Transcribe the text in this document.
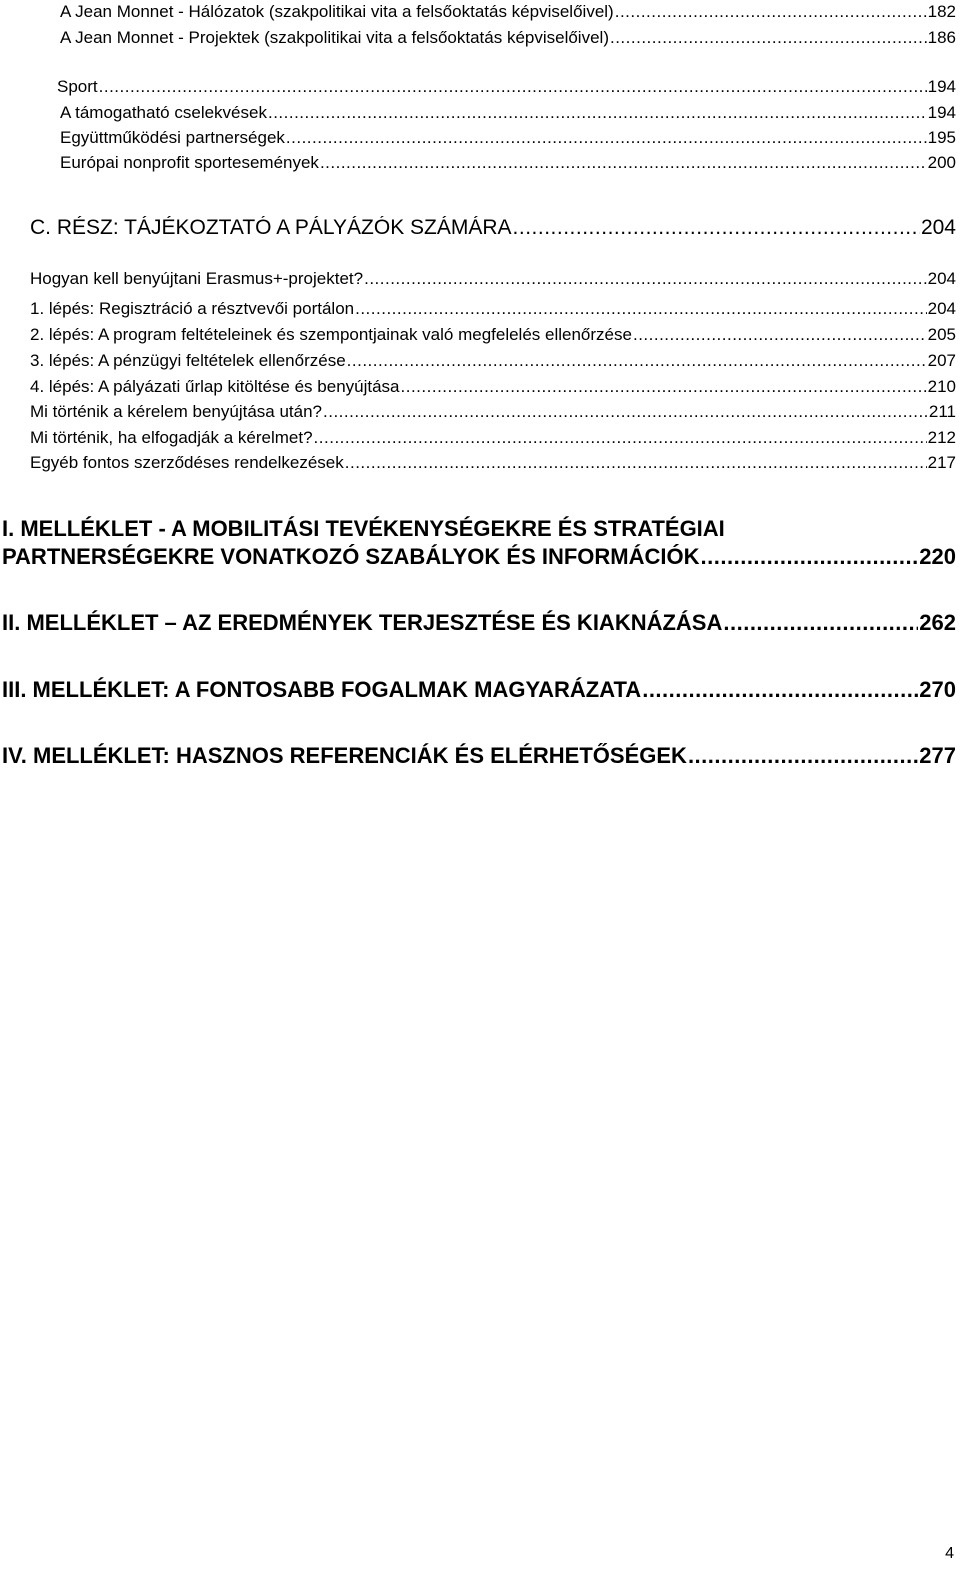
A Jean Monnet - Hálózatok (szakpolitikai vita a felsőoktatás képviselőivel) .....	182
A Jean Monnet - Projektek (szakpolitikai vita a felsőoktatás képviselőivel) .....	186
Sport .....	194
A támogatható cselekvések .....	194
Együttműködési partnerségek .....	195
Európai nonprofit sportesemények .....	200
C. RÉSZ: TÁJÉKOZTATÓ A PÁLYÁZÓK SZÁMÁRA .....	204
Hogyan kell benyújtani Erasmus+-projektet? .....	204
1. lépés: Regisztráció a résztvevői portálon .....	204
2. lépés: A program feltételeinek és szempontjainak való megfelelés ellenőrzése .....	205
3. lépés: A pénzügyi feltételek ellenőrzése .....	207
4. lépés: A pályázati űrlap kitöltése és benyújtása .....	210
Mi történik a kérelem benyújtása után? .....	211
Mi történik, ha elfogadják a kérelmet? .....	212
Egyéb fontos szerződéses rendelkezések .....	217
I. MELLÉKLET - A MOBILITÁSI TEVÉKENYSÉGEKRE ÉS STRATÉGIAI
PARTNERSÉGEKRE VONATKOZÓ SZABÁLYOK ÉS INFORMÁCIÓK .....	220
II. MELLÉKLET – AZ EREDMÉNYEK TERJESZTÉSE ÉS KIAKNÁZÁSA .....	262
III. MELLÉKLET: A FONTOSABB FOGALMAK MAGYARÁZATA .....	270
IV. MELLÉKLET: HASZNOS REFERENCIÁK ÉS ELÉRHETŐSÉGEK .....	277
4
